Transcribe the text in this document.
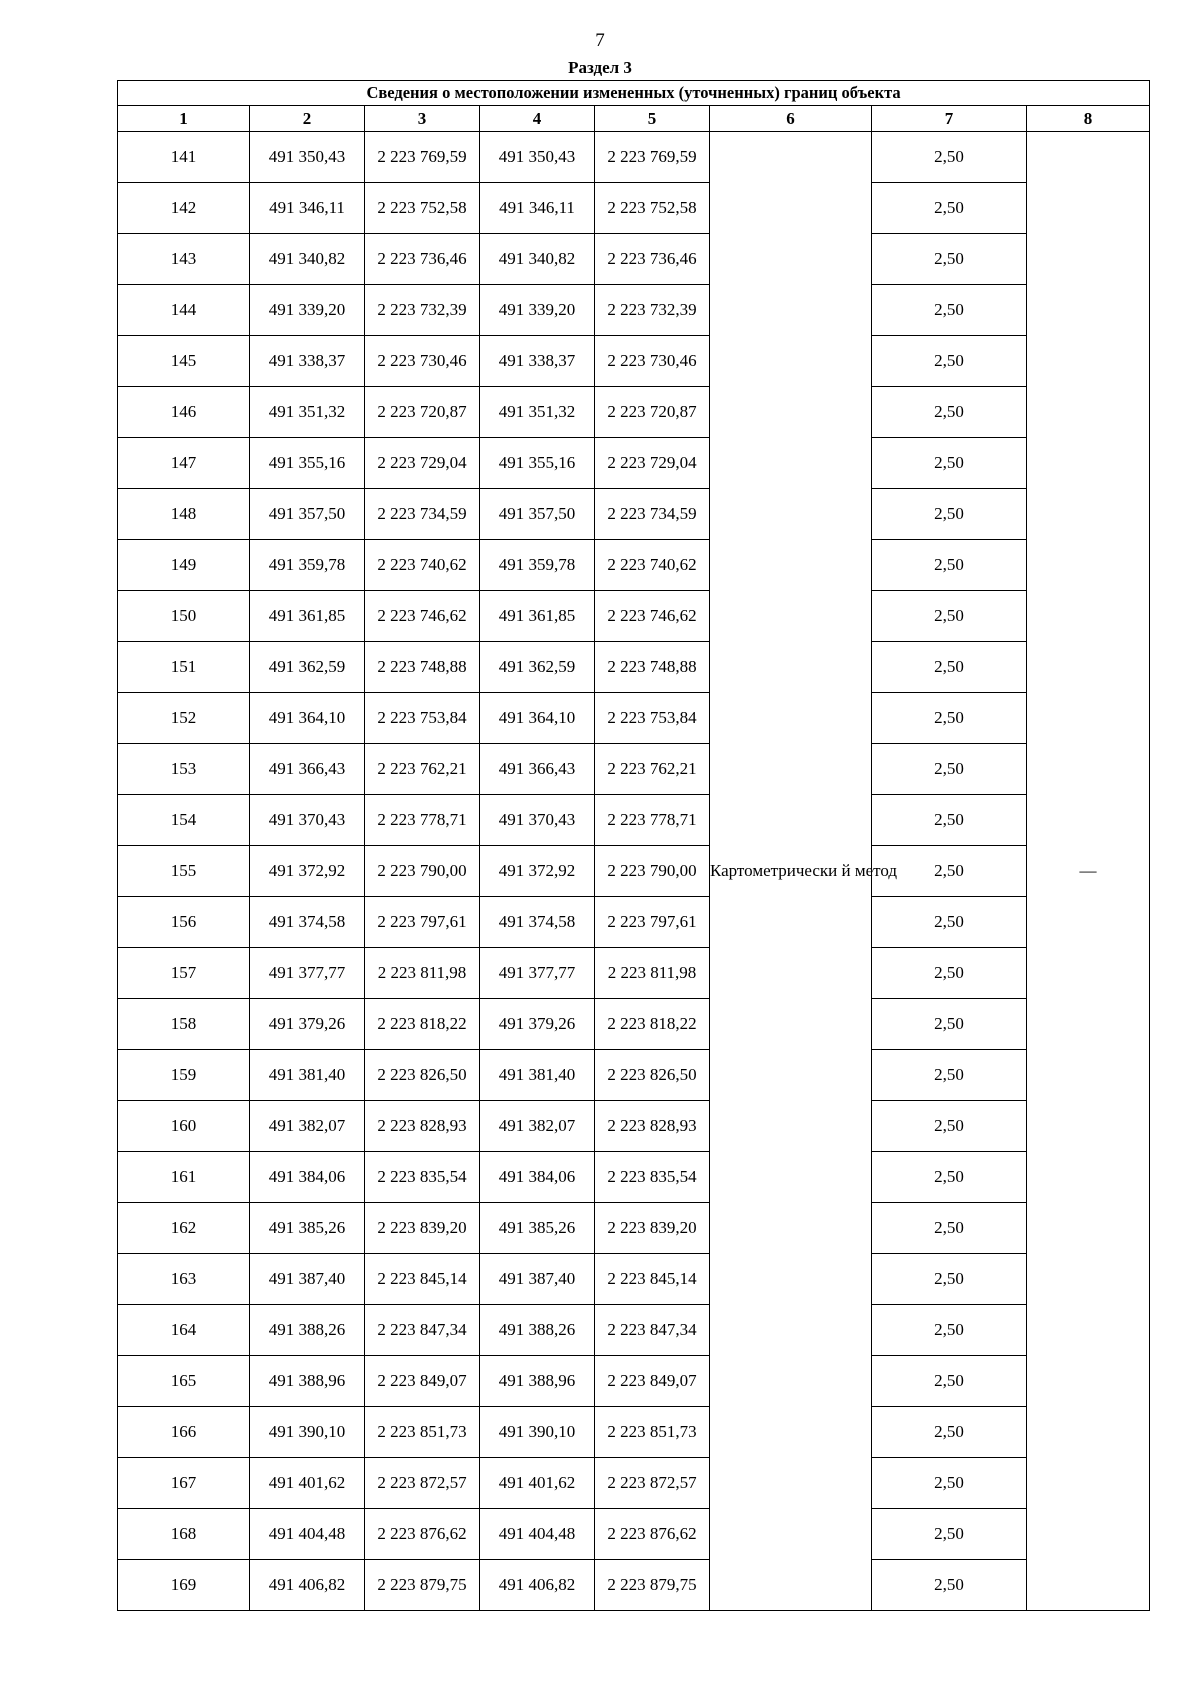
7
Раздел 3
Сведения о местоположении измененных (уточненных) границ объекта							
1	2	3	4	5	6	7	8
141	491 350,43	2 223 769,59	491 350,43	2 223 769,59	Картометрически й метод	2,50	—
142	491 346,11	2 223 752,58	491 346,11	2 223 752,58		2,50	
143	491 340,82	2 223 736,46	491 340,82	2 223 736,46		2,50	
144	491 339,20	2 223 732,39	491 339,20	2 223 732,39		2,50	
145	491 338,37	2 223 730,46	491 338,37	2 223 730,46		2,50	
146	491 351,32	2 223 720,87	491 351,32	2 223 720,87		2,50	
147	491 355,16	2 223 729,04	491 355,16	2 223 729,04		2,50	
148	491 357,50	2 223 734,59	491 357,50	2 223 734,59		2,50	
149	491 359,78	2 223 740,62	491 359,78	2 223 740,62		2,50	
150	491 361,85	2 223 746,62	491 361,85	2 223 746,62		2,50	
151	491 362,59	2 223 748,88	491 362,59	2 223 748,88		2,50	
152	491 364,10	2 223 753,84	491 364,10	2 223 753,84		2,50	
153	491 366,43	2 223 762,21	491 366,43	2 223 762,21		2,50	
154	491 370,43	2 223 778,71	491 370,43	2 223 778,71		2,50	
155	491 372,92	2 223 790,00	491 372,92	2 223 790,00		2,50	
156	491 374,58	2 223 797,61	491 374,58	2 223 797,61		2,50	
157	491 377,77	2 223 811,98	491 377,77	2 223 811,98		2,50	
158	491 379,26	2 223 818,22	491 379,26	2 223 818,22		2,50	
159	491 381,40	2 223 826,50	491 381,40	2 223 826,50		2,50	
160	491 382,07	2 223 828,93	491 382,07	2 223 828,93		2,50	
161	491 384,06	2 223 835,54	491 384,06	2 223 835,54		2,50	
162	491 385,26	2 223 839,20	491 385,26	2 223 839,20		2,50	
163	491 387,40	2 223 845,14	491 387,40	2 223 845,14		2,50	
164	491 388,26	2 223 847,34	491 388,26	2 223 847,34		2,50	
165	491 388,96	2 223 849,07	491 388,96	2 223 849,07		2,50	
166	491 390,10	2 223 851,73	491 390,10	2 223 851,73		2,50	
167	491 401,62	2 223 872,57	491 401,62	2 223 872,57		2,50	
168	491 404,48	2 223 876,62	491 404,48	2 223 876,62		2,50	
169	491 406,82	2 223 879,75	491 406,82	2 223 879,75		2,50	
